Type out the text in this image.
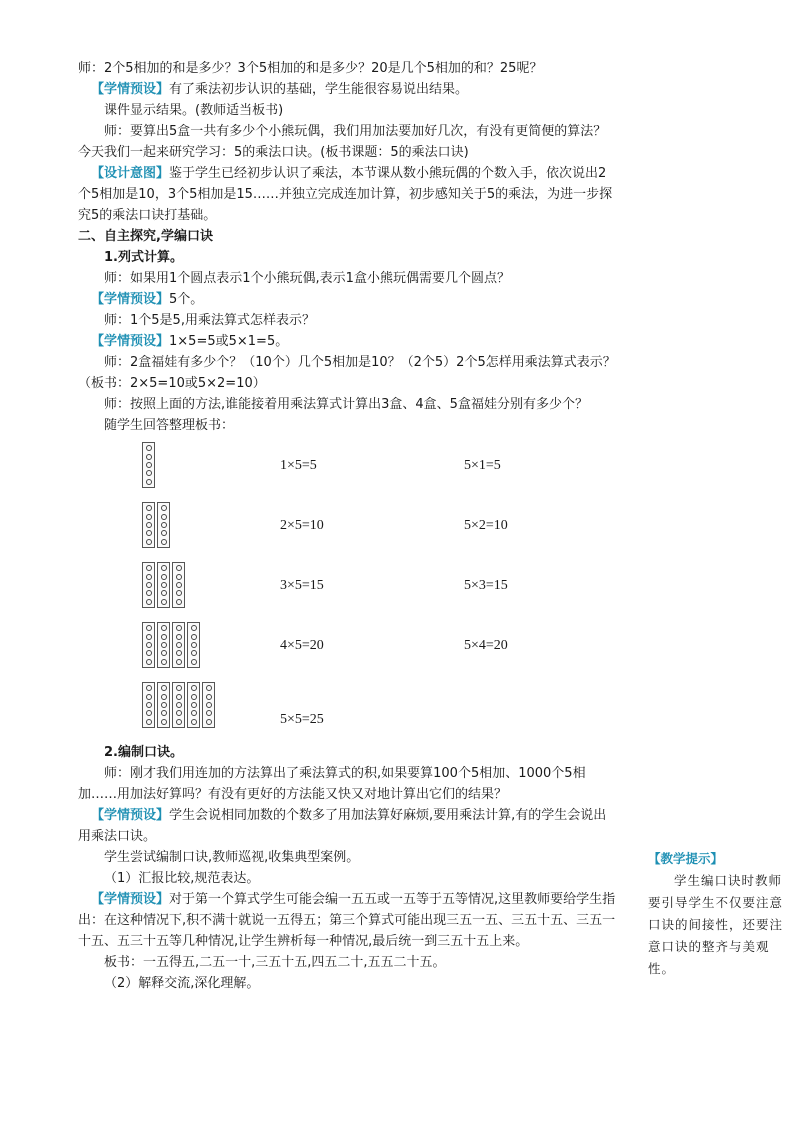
师：2个5相加的和是多少？3个5相加的和是多少？20是几个5相加的和？25呢？

【学情预设】有了乘法初步认识的基础，学生能很容易说出结果。

课件显示结果。(教师适当板书)

师：要算出5盒一共有多少个小熊玩偶，我们用加法要加好几次，有没有更简便的算法？今天我们一起来研究学习：5的乘法口诀。(板书课题：5的乘法口诀)

【设计意图】鉴于学生已经初步认识了乘法，本节课从数小熊玩偶的个数入手，依次说出2个5相加是10，3个5相加是15……并独立完成连加计算，初步感知关于5的乘法，为进一步探究5的乘法口诀打基础。

二、自主探究,学编口诀

1.列式计算。

师：如果用1个圆点表示1个小熊玩偶,表示1盒小熊玩偶需要几个圆点？

【学情预设】5个。

师：1个5是5,用乘法算式怎样表示？

【学情预设】1×5=5或5×1=5。

师：2盒福娃有多少个？（10个）几个5相加是10？（2个5）2个5怎样用乘法算式表示？（板书：2×5=10或5×2=10）

师：按照上面的方法,谁能接着用乘法算式计算出3盒、4盒、5盒福娃分别有多少个？

随学生回答整理板书：

1×5=5	5×1=5
2×5=10	5×2=10
3×5=15	5×3=15
4×5=20	5×4=20
5×5=25

2.编制口诀。

师：刚才我们用连加的方法算出了乘法算式的积,如果要算100个5相加、1000个5相加……用加法好算吗？有没有更好的方法能又快又对地计算出它们的结果？

【学情预设】学生会说相同加数的个数多了用加法算好麻烦,要用乘法计算,有的学生会说出用乘法口诀。

学生尝试编制口诀,教师巡视,收集典型案例。

（1）汇报比较,规范表达。

【学情预设】对于第一个算式学生可能会编一五五或一五等于五等情况,这里教师要给学生指出：在这种情况下,积不满十就说一五得五；第三个算式可能出现三五一五、三五十五、三五一十五、五三十五等几种情况,让学生辨析每一种情况,最后统一到三五十五上来。

板书：一五得五,二五一十,三五十五,四五二十,五五二十五。

（2）解释交流,深化理解。

【教学提示】

学生编口诀时教师要引导学生不仅要注意口诀的间接性，还要注意口诀的整齐与美观性。
